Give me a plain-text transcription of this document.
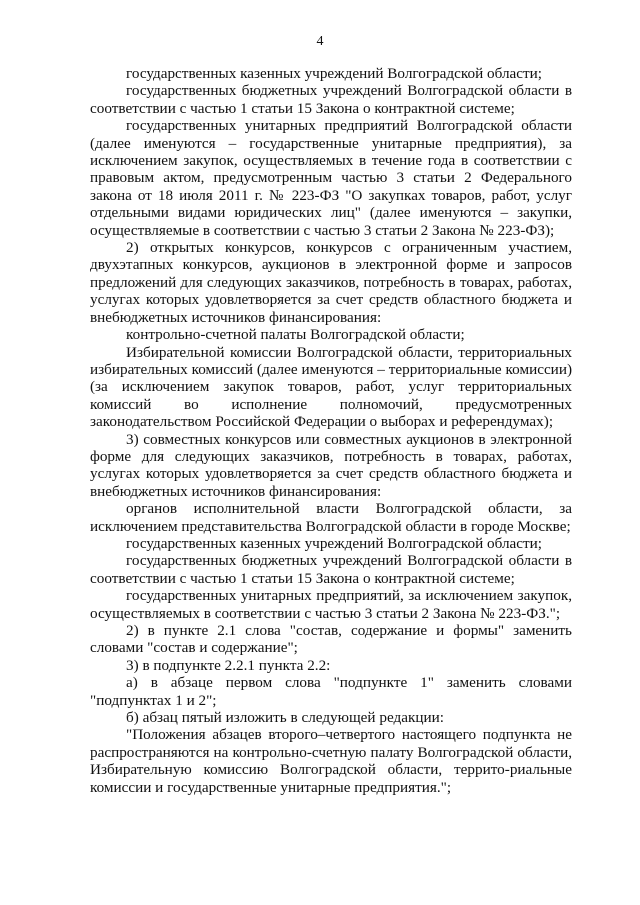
4

государственных казенных учреждений Волгоградской области;

государственных бюджетных учреждений Волгоградской области в соответствии с частью 1 статьи 15 Закона о контрактной системе;

государственных унитарных предприятий Волгоградской области (далее именуются – государственные унитарные предприятия), за исключением закупок, осуществляемых в течение года в соответствии с правовым актом, предусмотренным частью 3 статьи 2 Федерального закона от 18 июля 2011 г. № 223-ФЗ "О закупках товаров, работ, услуг отдельными видами юридических лиц" (далее именуются – закупки, осуществляемые в соответствии с частью 3 статьи 2 Закона № 223-ФЗ);

2) открытых конкурсов, конкурсов с ограниченным участием, двухэтапных конкурсов, аукционов в электронной форме и запросов предложений для следующих заказчиков, потребность в товарах, работах, услугах которых удовлетворяется за счет средств областного бюджета и внебюджетных источников финансирования:

контрольно-счетной палаты Волгоградской области;

Избирательной комиссии Волгоградской области, территориальных избирательных комиссий (далее именуются – территориальные комиссии) (за исключением закупок товаров, работ, услуг территориальных комиссий во исполнение полномочий, предусмотренных законодательством Российской Федерации о выборах и референдумах);

3) совместных конкурсов или совместных аукционов в электронной форме для следующих заказчиков, потребность в товарах, работах, услугах которых удовлетворяется за счет средств областного бюджета и внебюджетных источников финансирования:

органов исполнительной власти Волгоградской области, за исключением представительства Волгоградской области в городе Москве;

государственных казенных учреждений Волгоградской области;

государственных бюджетных учреждений Волгоградской области в соответствии с частью 1 статьи 15 Закона о контрактной системе;

государственных унитарных предприятий, за исключением закупок, осуществляемых в соответствии с частью 3 статьи 2 Закона № 223-ФЗ.";

2) в пункте 2.1 слова "состав, содержание и формы" заменить словами "состав и содержание";

3) в подпункте 2.2.1 пункта 2.2:

а) в абзаце первом слова "подпункте 1" заменить словами "подпунктах 1 и 2";

б) абзац пятый изложить в следующей редакции:

"Положения абзацев второго–четвертого настоящего подпункта не распространяются на контрольно-счетную палату Волгоградской области, Избирательную комиссию Волгоградской области, террито-риальные комиссии и государственные унитарные предприятия.";
